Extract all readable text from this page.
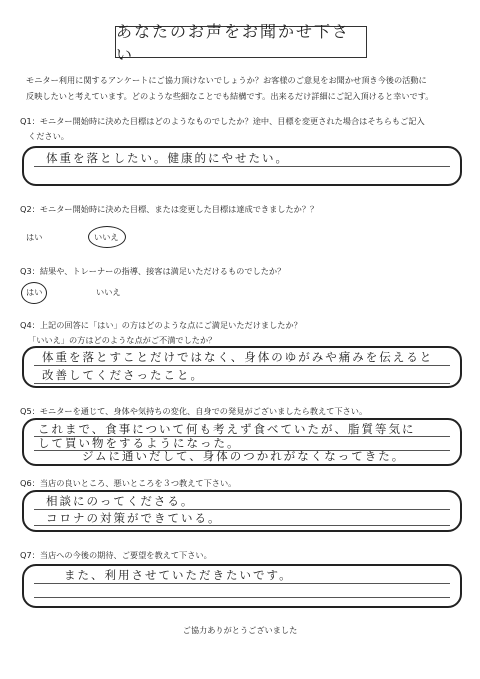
あなたのお声をお聞かせ下さい
モニター利用に関するアンケートにご協力頂けないでしょうか？お客様のご意見をお聞かせ頂き今後の活動に
反映したいと考えています。どのような些細なことでも結構です。出来るだけ詳細にご記入頂けると幸いです。
Q1：モニター開始時に決めた目標はどのようなものでしたか？途中、目標を変更された場合はそちらもご記入
ください。
体重を落としたい。健康的にやせたい。
Q2：モニター開始時に決めた目標、または変更した目標は達成できましたか？？
はい	いいえ
Q3：結果や、トレーナーの指導、接客は満足いただけるものでしたか？
はい	いいえ
Q4：上記の回答に「はい」の方はどのような点にご満足いただけましたか？
「いいえ」の方はどのような点がご不満でしたか？
体重を落とすことだけではなく、身体のゆがみや痛みを伝えると
改善してくださったこと。
Q5：モニターを通じて、身体や気持ちの変化、自身での発見がございましたら教えて下さい。
これまで、食事について何も考えず食べていたが、脂質等気に
して買い物をするようになった。
ジムに通いだして、身体のつかれがなくなってきた。
Q6：当店の良いところ、悪いところを３つ教えて下さい。
相談にのってくださる。
コロナの対策ができている。
Q7：当店への今後の期待、ご要望を教えて下さい。
また、利用させていただきたいです。
ご協力ありがとうございました
